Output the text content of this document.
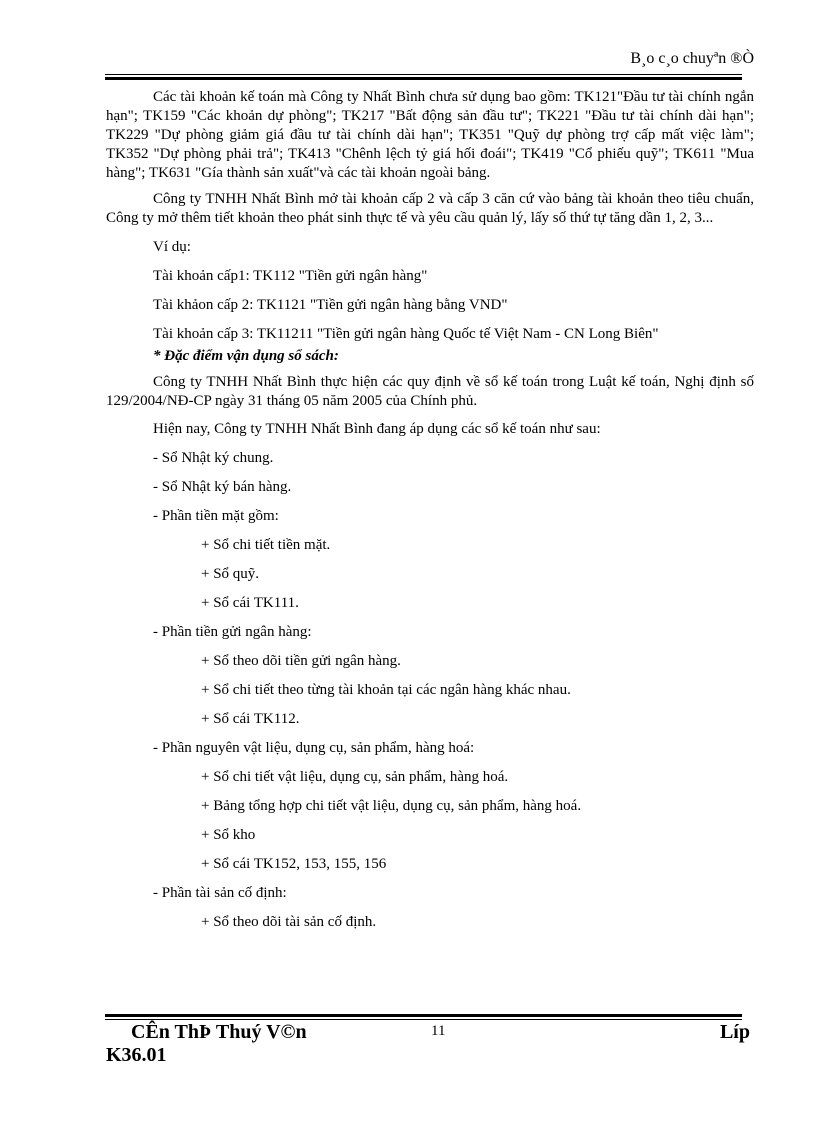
B¸o c¸o chuyªn ®Ò

Các tài khoản kế toán mà Công ty Nhất Bình chưa sử dụng bao gồm: TK121"Đầu tư tài chính ngắn hạn"; TK159 "Các khoản dự phòng"; TK217 "Bất động sản đầu tư"; TK221 "Đầu tư tài chính dài hạn"; TK229 "Dự phòng giảm giá đầu tư tài chính dài hạn"; TK351 "Quỹ dự phòng trợ cấp mất việc làm"; TK352 "Dự phòng phải trả"; TK413 "Chênh lệch tỷ giá hối đoái"; TK419 "Cổ phiếu quỹ"; TK611 "Mua hàng"; TK631 "Gía thành sản xuất"và các tài khoản ngoài bảng.

Công ty TNHH Nhất Bình mở tài khoản cấp 2 và cấp 3 căn cứ vào bảng tài khoản theo tiêu chuẩn, Công ty mở thêm tiết khoản theo phát sinh thực tế và yêu cầu quản lý, lấy số thứ tự tăng dần 1, 2, 3...

Ví dụ:

Tài khoản cấp1: TK112 "Tiền gửi ngân hàng"

Tài khảon cấp 2: TK1121 "Tiền gửi ngân hàng bằng VND"

Tài khoản cấp 3: TK11211 "Tiền gửi ngân hàng Quốc tế Việt Nam - CN Long Biên"

* Đặc điểm vận dụng sổ sách:

Công ty TNHH Nhất Bình thực hiện các quy định về sổ kế toán trong Luật kế toán, Nghị định số 129/2004/NĐ-CP ngày 31 tháng 05 năm 2005 của Chính phủ.

Hiện nay, Công ty TNHH Nhất Bình đang áp dụng các sổ kế toán như sau:

- Sổ Nhật ký chung.

- Sổ Nhật ký bán hàng.

- Phần tiền mặt gồm:

+ Sổ chi tiết tiền mặt.

+ Sổ quỹ.

+ Sổ cái TK111.

- Phần tiền gửi ngân hàng:

+ Sổ theo dõi tiền gửi ngân hàng.

+ Sổ chi tiết theo từng tài khoản tại các ngân hàng khác nhau.

+ Sổ cái TK112.

- Phần nguyên vật liệu, dụng cụ, sản phẩm, hàng hoá:

+ Sổ chi tiết vật liệu, dụng cụ, sản phẩm, hàng hoá.

+ Bảng tổng hợp chi tiết vật liệu, dụng cụ, sản phẩm, hàng hoá.

+ Sổ kho

+ Sổ cái TK152, 153, 155, 156

- Phần tài sản cố định:

+ Sổ theo dõi tài sản cố định.

CÊn ThÞ Thuý V©n	11	Líp
K36.01
